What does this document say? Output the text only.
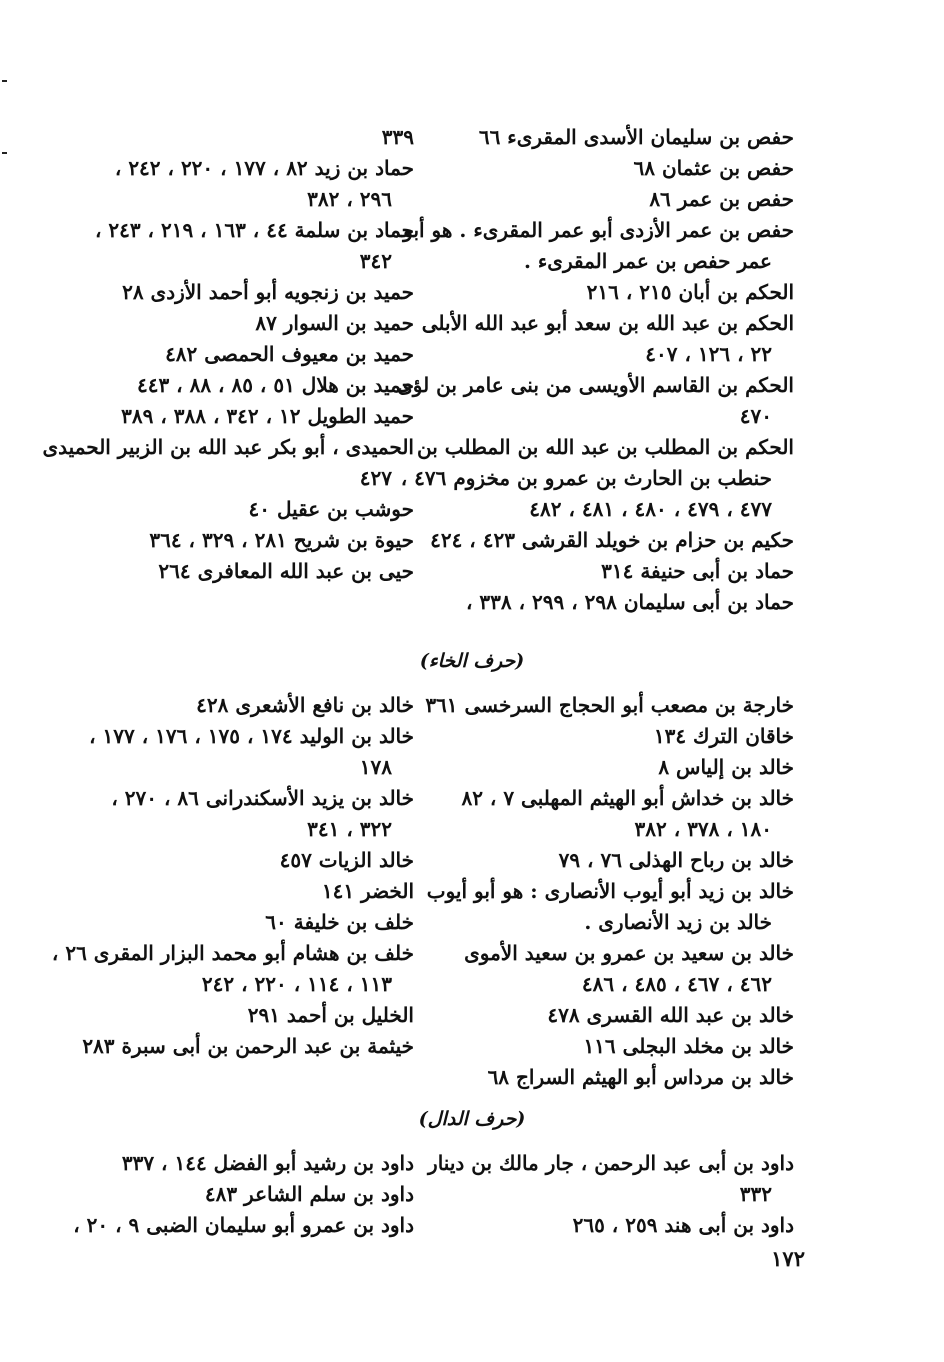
حفص بن سليمان الأسدى المقرىء ٦٦
حفص بن عثمان ٦٨
حفص بن عمر ٨٦
حفص بن عمر الأزدى أبو عمر المقرىء . هو أبو
عمر حفص بن عمر المقرىء .
الحكم بن أبان ٢١٥ ، ٢١٦
الحكم بن عبد الله بن سعد أبو عبد الله الأبلى
٢٢ ، ١٢٦ ، ٤٠٧
الحكم بن القاسم الأويسى من بنى عامر بن لؤى
٤٧٠
الحكم بن المطلب بن عبد الله بن المطلب بن
حنطب بن الحارث بن عمرو بن مخزوم ٤٧٦ ،
٤٧٧ ، ٤٧٩ ، ٤٨٠ ، ٤٨١ ، ٤٨٢
حكيم بن حزام بن خويلد القرشى ٤٢٣ ، ٤٢٤
حماد بن أبى حنيفة ٣١٤
حماد بن أبى سليمان ٢٩٨ ، ٢٩٩ ، ٣٣٨ ،
٣٣٩
حماد بن زيد ٨٢ ، ١٧٧ ، ٢٢٠ ، ٢٤٢ ،
٢٩٦ ، ٣٨٢
حماد بن سلمة ٤٤ ، ١٦٣ ، ٢١٩ ، ٢٤٣ ،
٣٤٢
حميد بن زنجويه أبو أحمد الأزدى ٢٨
حميد بن السوار ٨٧
حميد بن معيوف الحمصى ٤٨٢
حميد بن هلال ٥١ ، ٨٥ ، ٨٨ ، ٤٤٣
حميد الطويل ١٢ ، ٣٤٢ ، ٣٨٨ ، ٣٨٩
الحميدى ، أبو بكر عبد الله بن الزبير الحميدى
٤٢٧
حوشب بن عقيل ٤٠
حيوة بن شريح ٢٨١ ، ٣٢٩ ، ٣٦٤
حيى بن عبد الله المعافرى ٢٦٤
(حرف الخاء)
خارجة بن مصعب أبو الحجاج السرخسى ٣٦١
خاقان الترك ١٣٤
خالد بن إلياس ٨
خالد بن خداش أبو الهيثم المهلبى ٧ ، ٨٢
١٨٠ ، ٣٧٨ ، ٣٨٢
خالد بن رباح الهذلى ٧٦ ، ٧٩
خالد بن زيد أبو أيوب الأنصارى : هو أبو أيوب
خالد بن زيد الأنصارى .
خالد بن سعيد بن عمرو بن سعيد الأموى
٤٦٢ ، ٤٦٧ ، ٤٨٥ ، ٤٨٦
خالد بن عبد الله القسرى ٤٧٨
خالد بن مخلد البجلى ١١٦
خالد بن مرداس أبو الهيثم السراج ٦٨
خالد بن نافع الأشعرى ٤٢٨
خالد بن الوليد ١٧٤ ، ١٧٥ ، ١٧٦ ، ١٧٧ ،
١٧٨
خالد بن يزيد الأسكندرانى ٨٦ ، ٢٧٠ ،
٣٢٢ ، ٣٤١
خالد الزيات ٤٥٧
الخضر ١٤١
خلف بن خليفة ٦٠
خلف بن هشام أبو محمد البزار المقرى ٢٦ ،
١١٣ ، ١١٤ ، ٢٢٠ ، ٢٤٢
الخليل بن أحمد ٢٩١
خيثمة بن عبد الرحمن بن أبى سبرة ٢٨٣
(حرف الدال)
داود بن أبى عبد الرحمن ، جار مالك بن دينار
٣٣٢
داود بن أبى هند ٢٥٩ ، ٢٦٥
داود بن رشيد أبو الفضل ١٤٤ ، ٣٣٧
داود بن سلم الشاعر ٤٨٣
داود بن عمرو أبو سليمان الضبى ٩ ، ٢٠ ،
١٧٢
